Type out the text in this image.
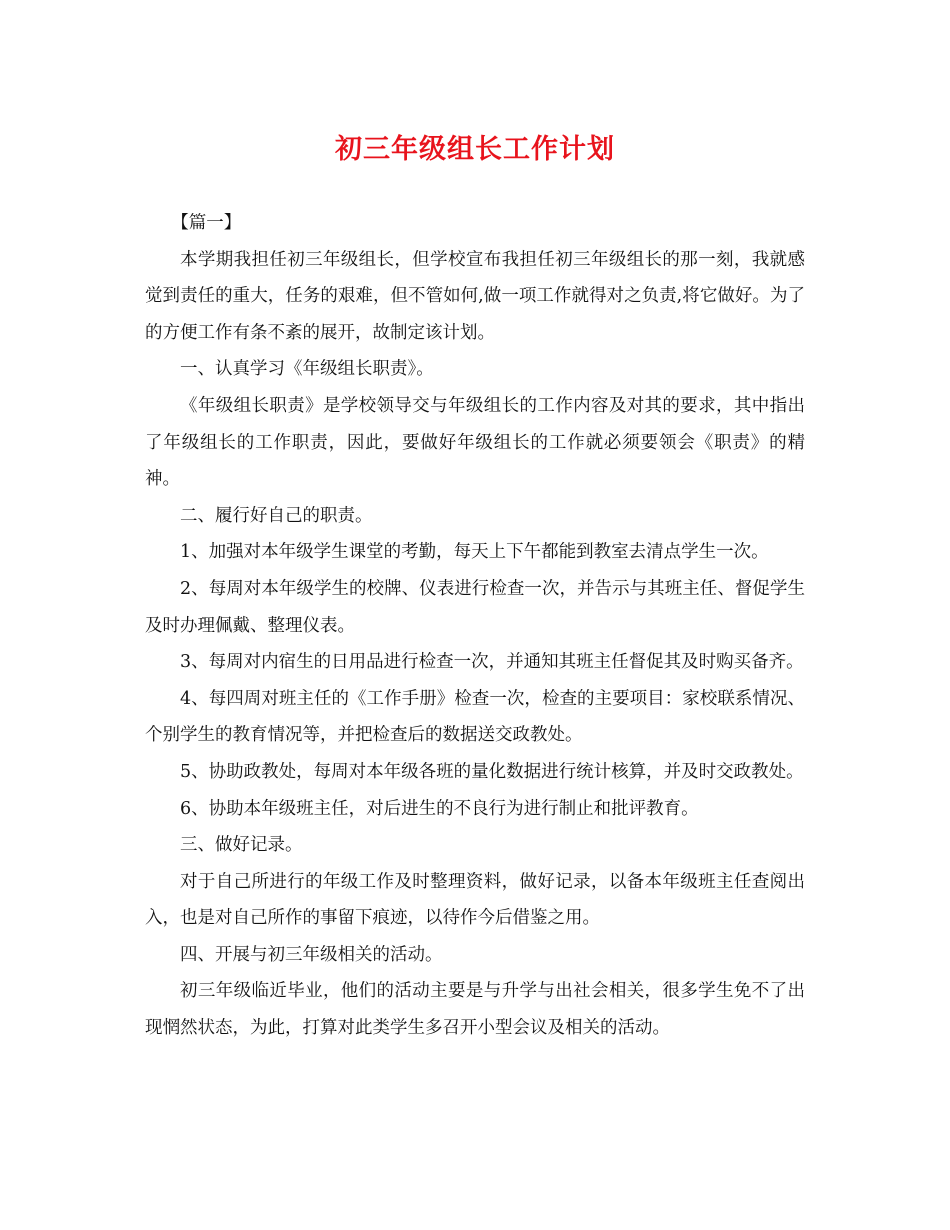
初三年级组长工作计划

【篇一】

本学期我担任初三年级组长，但学校宣布我担任初三年级组长的那一刻，我就感觉到责任的重大，任务的艰难，但不管如何,做一项工作就得对之负责,将它做好。为了的方便工作有条不紊的展开，故制定该计划。

一、认真学习《年级组长职责》。

《年级组长职责》是学校领导交与年级组长的工作内容及对其的要求，其中指出了年级组长的工作职责，因此，要做好年级组长的工作就必须要领会《职责》的精神。

二、履行好自己的职责。

1、加强对本年级学生课堂的考勤，每天上下午都能到教室去清点学生一次。

2、每周对本年级学生的校牌、仪表进行检查一次，并告示与其班主任、督促学生及时办理佩戴、整理仪表。

3、每周对内宿生的日用品进行检查一次，并通知其班主任督促其及时购买备齐。

4、每四周对班主任的《工作手册》检查一次，检查的主要项目：家校联系情况、个别学生的教育情况等，并把检查后的数据送交政教处。

5、协助政教处，每周对本年级各班的量化数据进行统计核算，并及时交政教处。

6、协助本年级班主任，对后进生的不良行为进行制止和批评教育。

三、做好记录。

对于自己所进行的年级工作及时整理资料，做好记录，以备本年级班主任查阅出入，也是对自己所作的事留下痕迹，以待作今后借鉴之用。

四、开展与初三年级相关的活动。

初三年级临近毕业，他们的活动主要是与升学与出社会相关，很多学生免不了出现惘然状态，为此，打算对此类学生多召开小型会议及相关的活动。
